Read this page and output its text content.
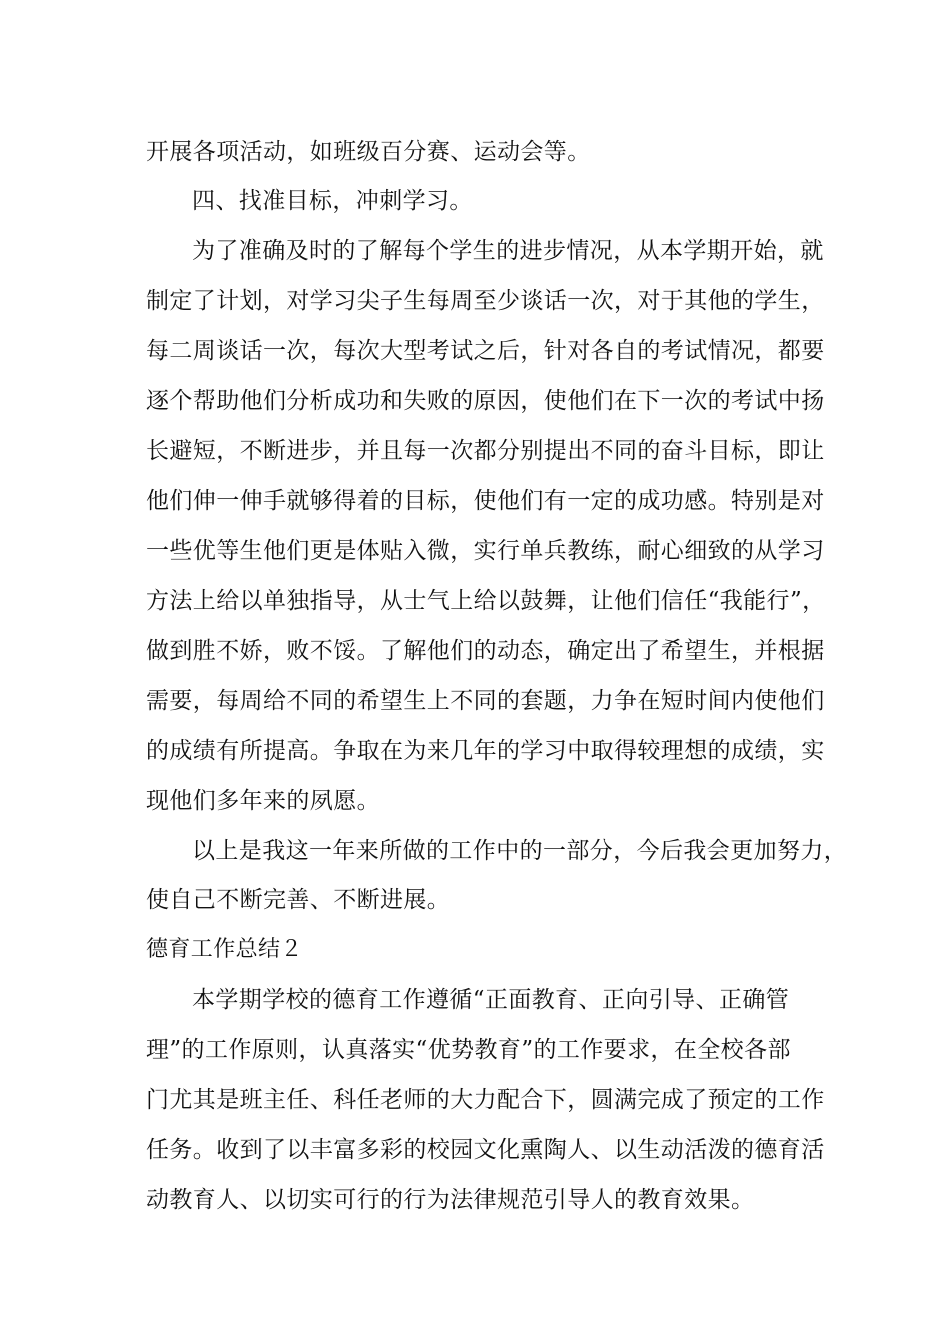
开展各项活动，如班级百分赛、运动会等。
四、找准目标，冲刺学习。
为了准确及时的了解每个学生的进步情况，从本学期开始，就
制定了计划，对学习尖子生每周至少谈话一次，对于其他的学生，
每二周谈话一次，每次大型考试之后，针对各自的考试情况，都要
逐个帮助他们分析成功和失败的原因，使他们在下一次的考试中扬
长避短，不断进步，并且每一次都分别提出不同的奋斗目标，即让
他们伸一伸手就够得着的目标，使他们有一定的成功感。特别是对
一些优等生他们更是体贴入微，实行单兵教练，耐心细致的从学习
方法上给以单独指导，从士气上给以鼓舞，让他们信任“我能行”，
做到胜不娇，败不馁。了解他们的动态，确定出了希望生，并根据
需要，每周给不同的希望生上不同的套题，力争在短时间内使他们
的成绩有所提高。争取在为来几年的学习中取得较理想的成绩，实
现他们多年来的夙愿。
以上是我这一年来所做的工作中的一部分，今后我会更加努力，
使自己不断完善、不断进展。
德育工作总结２
本学期学校的德育工作遵循“正面教育、正向引导、正确管
理”的工作原则，认真落实“优势教育”的工作要求，在全校各部
门尤其是班主任、科任老师的大力配合下，圆满完成了预定的工作
任务。收到了以丰富多彩的校园文化熏陶人、以生动活泼的德育活
动教育人、以切实可行的行为法律规范引导人的教育效果。
